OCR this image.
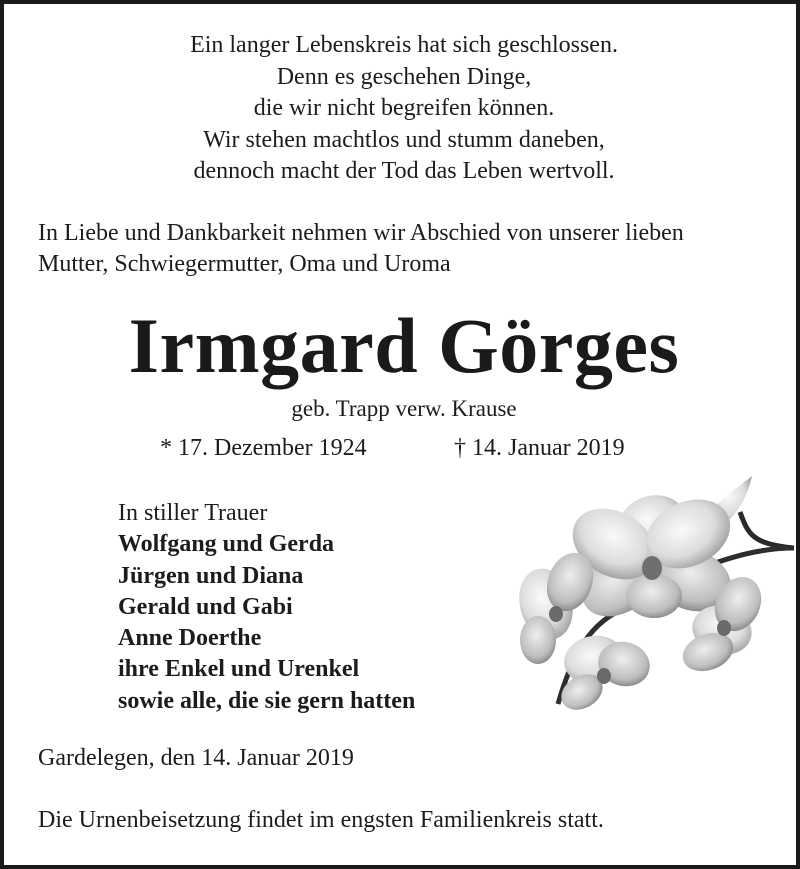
Ein langer Lebenskreis hat sich geschlossen.
Denn es geschehen Dinge,
die wir nicht begreifen können.
Wir stehen machtlos und stumm daneben,
dennoch macht der Tod das Leben wertvoll.
In Liebe und Dankbarkeit nehmen wir Abschied von unserer lieben
Mutter, Schwiegermutter, Oma und Uroma
Irmgard Görges
geb. Trapp verw. Krause
* 17. Dezember 1924	† 14. Januar 2019
In stiller Trauer
Wolfgang und Gerda
Jürgen und Diana
Gerald und Gabi
Anne Doerthe
ihre Enkel und Urenkel
sowie alle, die sie gern hatten
Gardelegen, den 14. Januar 2019
Die Urnenbeisetzung findet im engsten Familienkreis statt.
